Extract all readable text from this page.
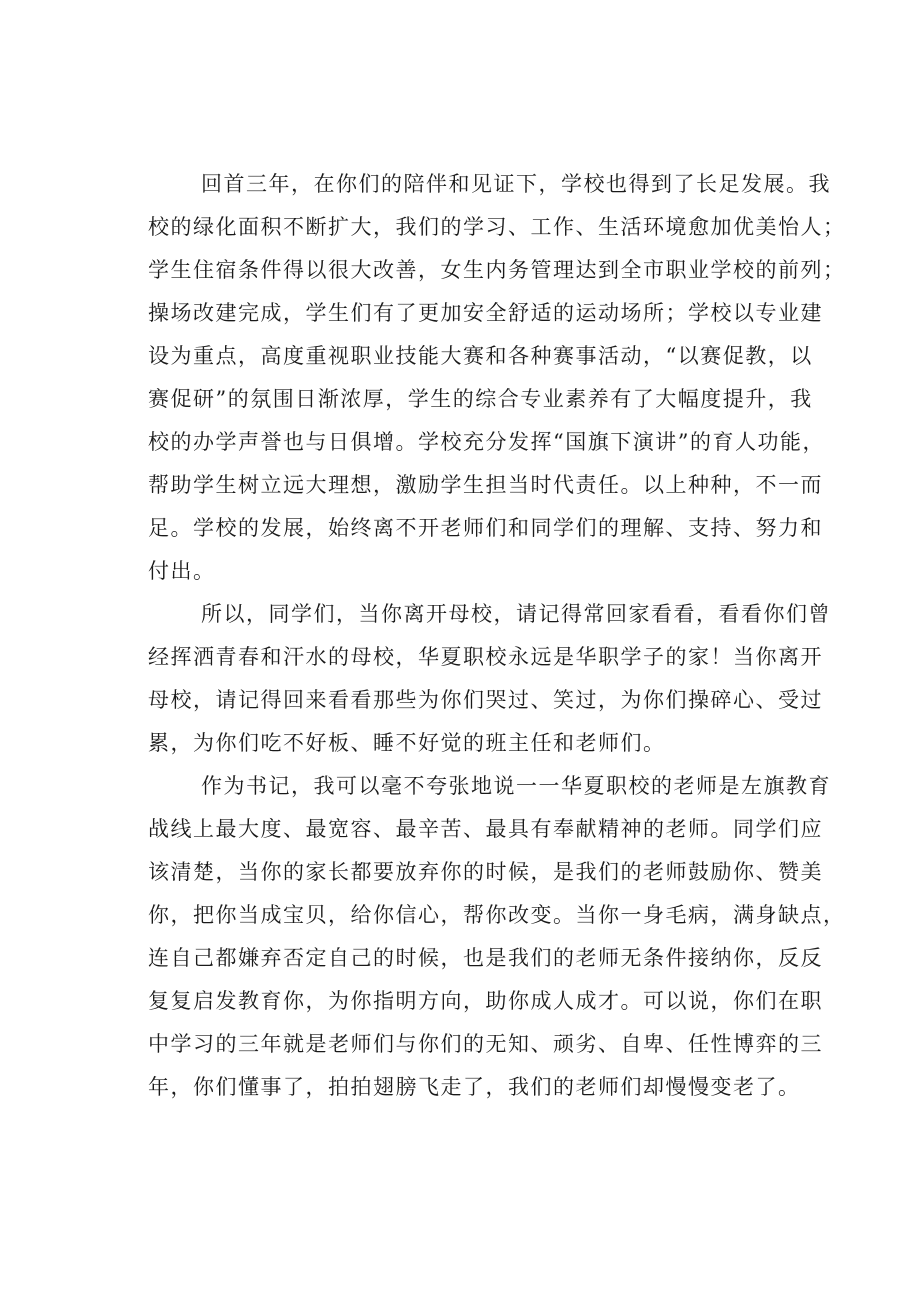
回首三年，在你们的陪伴和见证下，学校也得到了长足发展。我
校的绿化面积不断扩大，我们的学习、工作、生活环境愈加优美怡人；
学生住宿条件得以很大改善，女生内务管理达到全市职业学校的前列；
操场改建完成，学生们有了更加安全舒适的运动场所；学校以专业建
设为重点，高度重视职业技能大赛和各种赛事活动，“以赛促教，以
赛促研”的氛围日渐浓厚，学生的综合专业素养有了大幅度提升，我
校的办学声誉也与日俱增。学校充分发挥“国旗下演讲”的育人功能，
帮助学生树立远大理想，激励学生担当时代责任。以上种种，不一而
足。学校的发展，始终离不开老师们和同学们的理解、支持、努力和
付出。
所以，同学们，当你离开母校，请记得常回家看看，看看你们曾
经挥洒青春和汗水的母校，华夏职校永远是华职学子的家！当你离开
母校，请记得回来看看那些为你们哭过、笑过，为你们操碎心、受过
累，为你们吃不好板、睡不好觉的班主任和老师们。
作为书记，我可以毫不夸张地说一一华夏职校的老师是左旗教育
战线上最大度、最宽容、最辛苦、最具有奉献精神的老师。同学们应
该清楚，当你的家长都要放弃你的时候，是我们的老师鼓励你、赞美
你，把你当成宝贝，给你信心，帮你改变。当你一身毛病，满身缺点，
连自己都嫌弃否定自己的时候，也是我们的老师无条件接纳你，反反
复复启发教育你，为你指明方向，助你成人成才。可以说，你们在职
中学习的三年就是老师们与你们的无知、顽劣、自卑、任性博弈的三
年，你们懂事了，拍拍翅膀飞走了，我们的老师们却慢慢变老了。
